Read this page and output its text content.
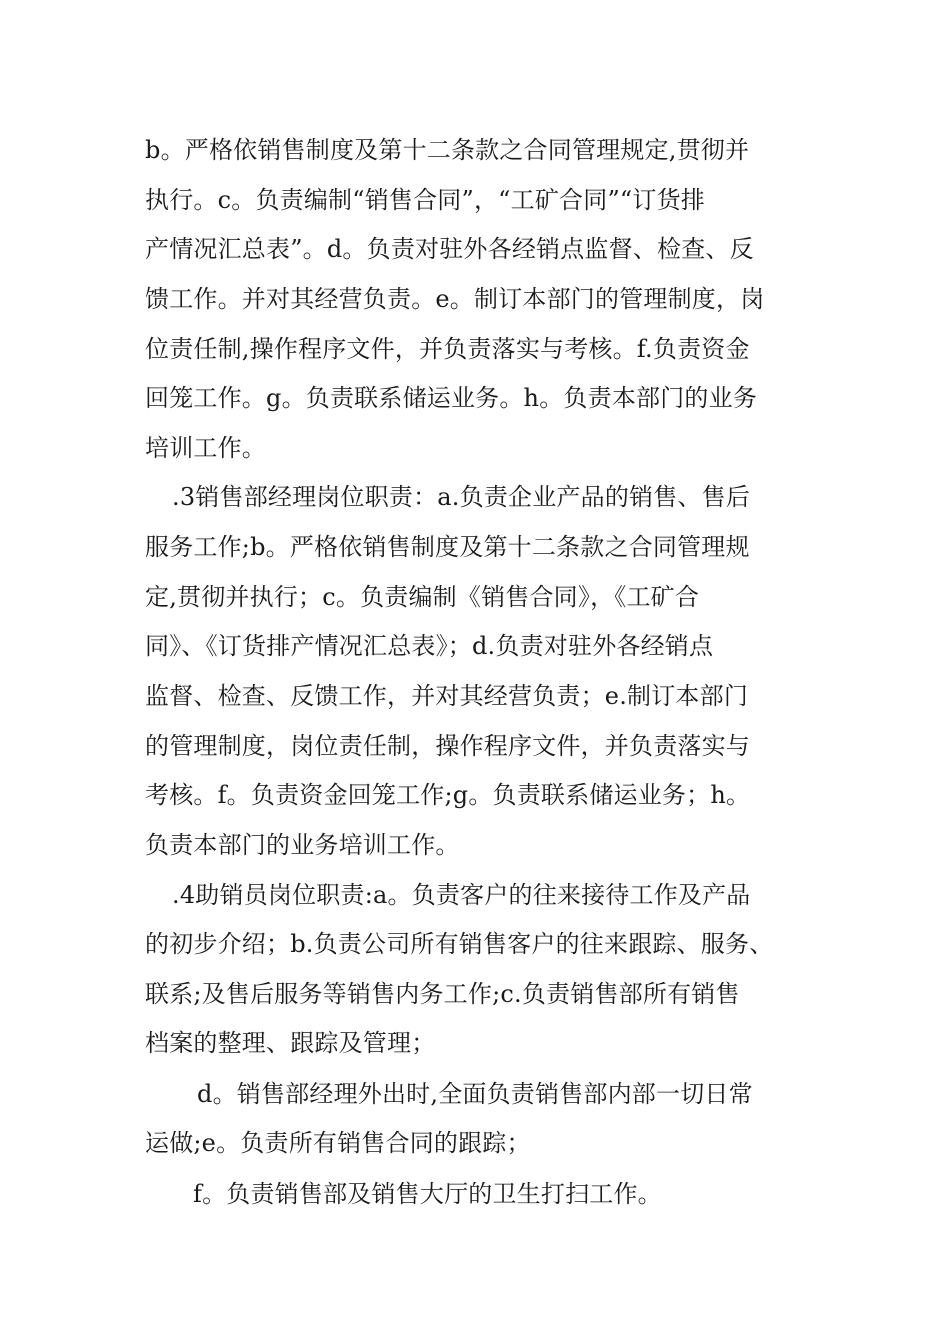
b。严格依销售制度及第十二条款之合同管理规定,贯彻并
执行。c。负责编制“销售合同”，“工矿合同”“订货排
产情况汇总表”。d。负责对驻外各经销点监督、检查、反
馈工作。并对其经营负责。e。制订本部门的管理制度，岗
位责任制,操作程序文件，并负责落实与考核。f.负责资金
回笼工作。g。负责联系储运业务。h。负责本部门的业务
培训工作。
.3销售部经理岗位职责：a.负责企业产品的销售、售后
服务工作;b。严格依销售制度及第十二条款之合同管理规
定,贯彻并执行；c。负责编制《销售合同》，《工矿合
同》、《订货排产情况汇总表》；d.负责对驻外各经销点
监督、检查、反馈工作，并对其经营负责；e.制订本部门
的管理制度，岗位责任制，操作程序文件，并负责落实与
考核。f。负责资金回笼工作;g。负责联系储运业务；h。
负责本部门的业务培训工作。
.4助销员岗位职责:a。负责客户的往来接待工作及产品
的初步介绍；b.负责公司所有销售客户的往来跟踪、服务、
联系;及售后服务等销售内务工作;c.负责销售部所有销售
档案的整理、跟踪及管理；
d。销售部经理外出时,全面负责销售部内部一切日常
运做;e。负责所有销售合同的跟踪；
f。负责销售部及销售大厅的卫生打扫工作。
